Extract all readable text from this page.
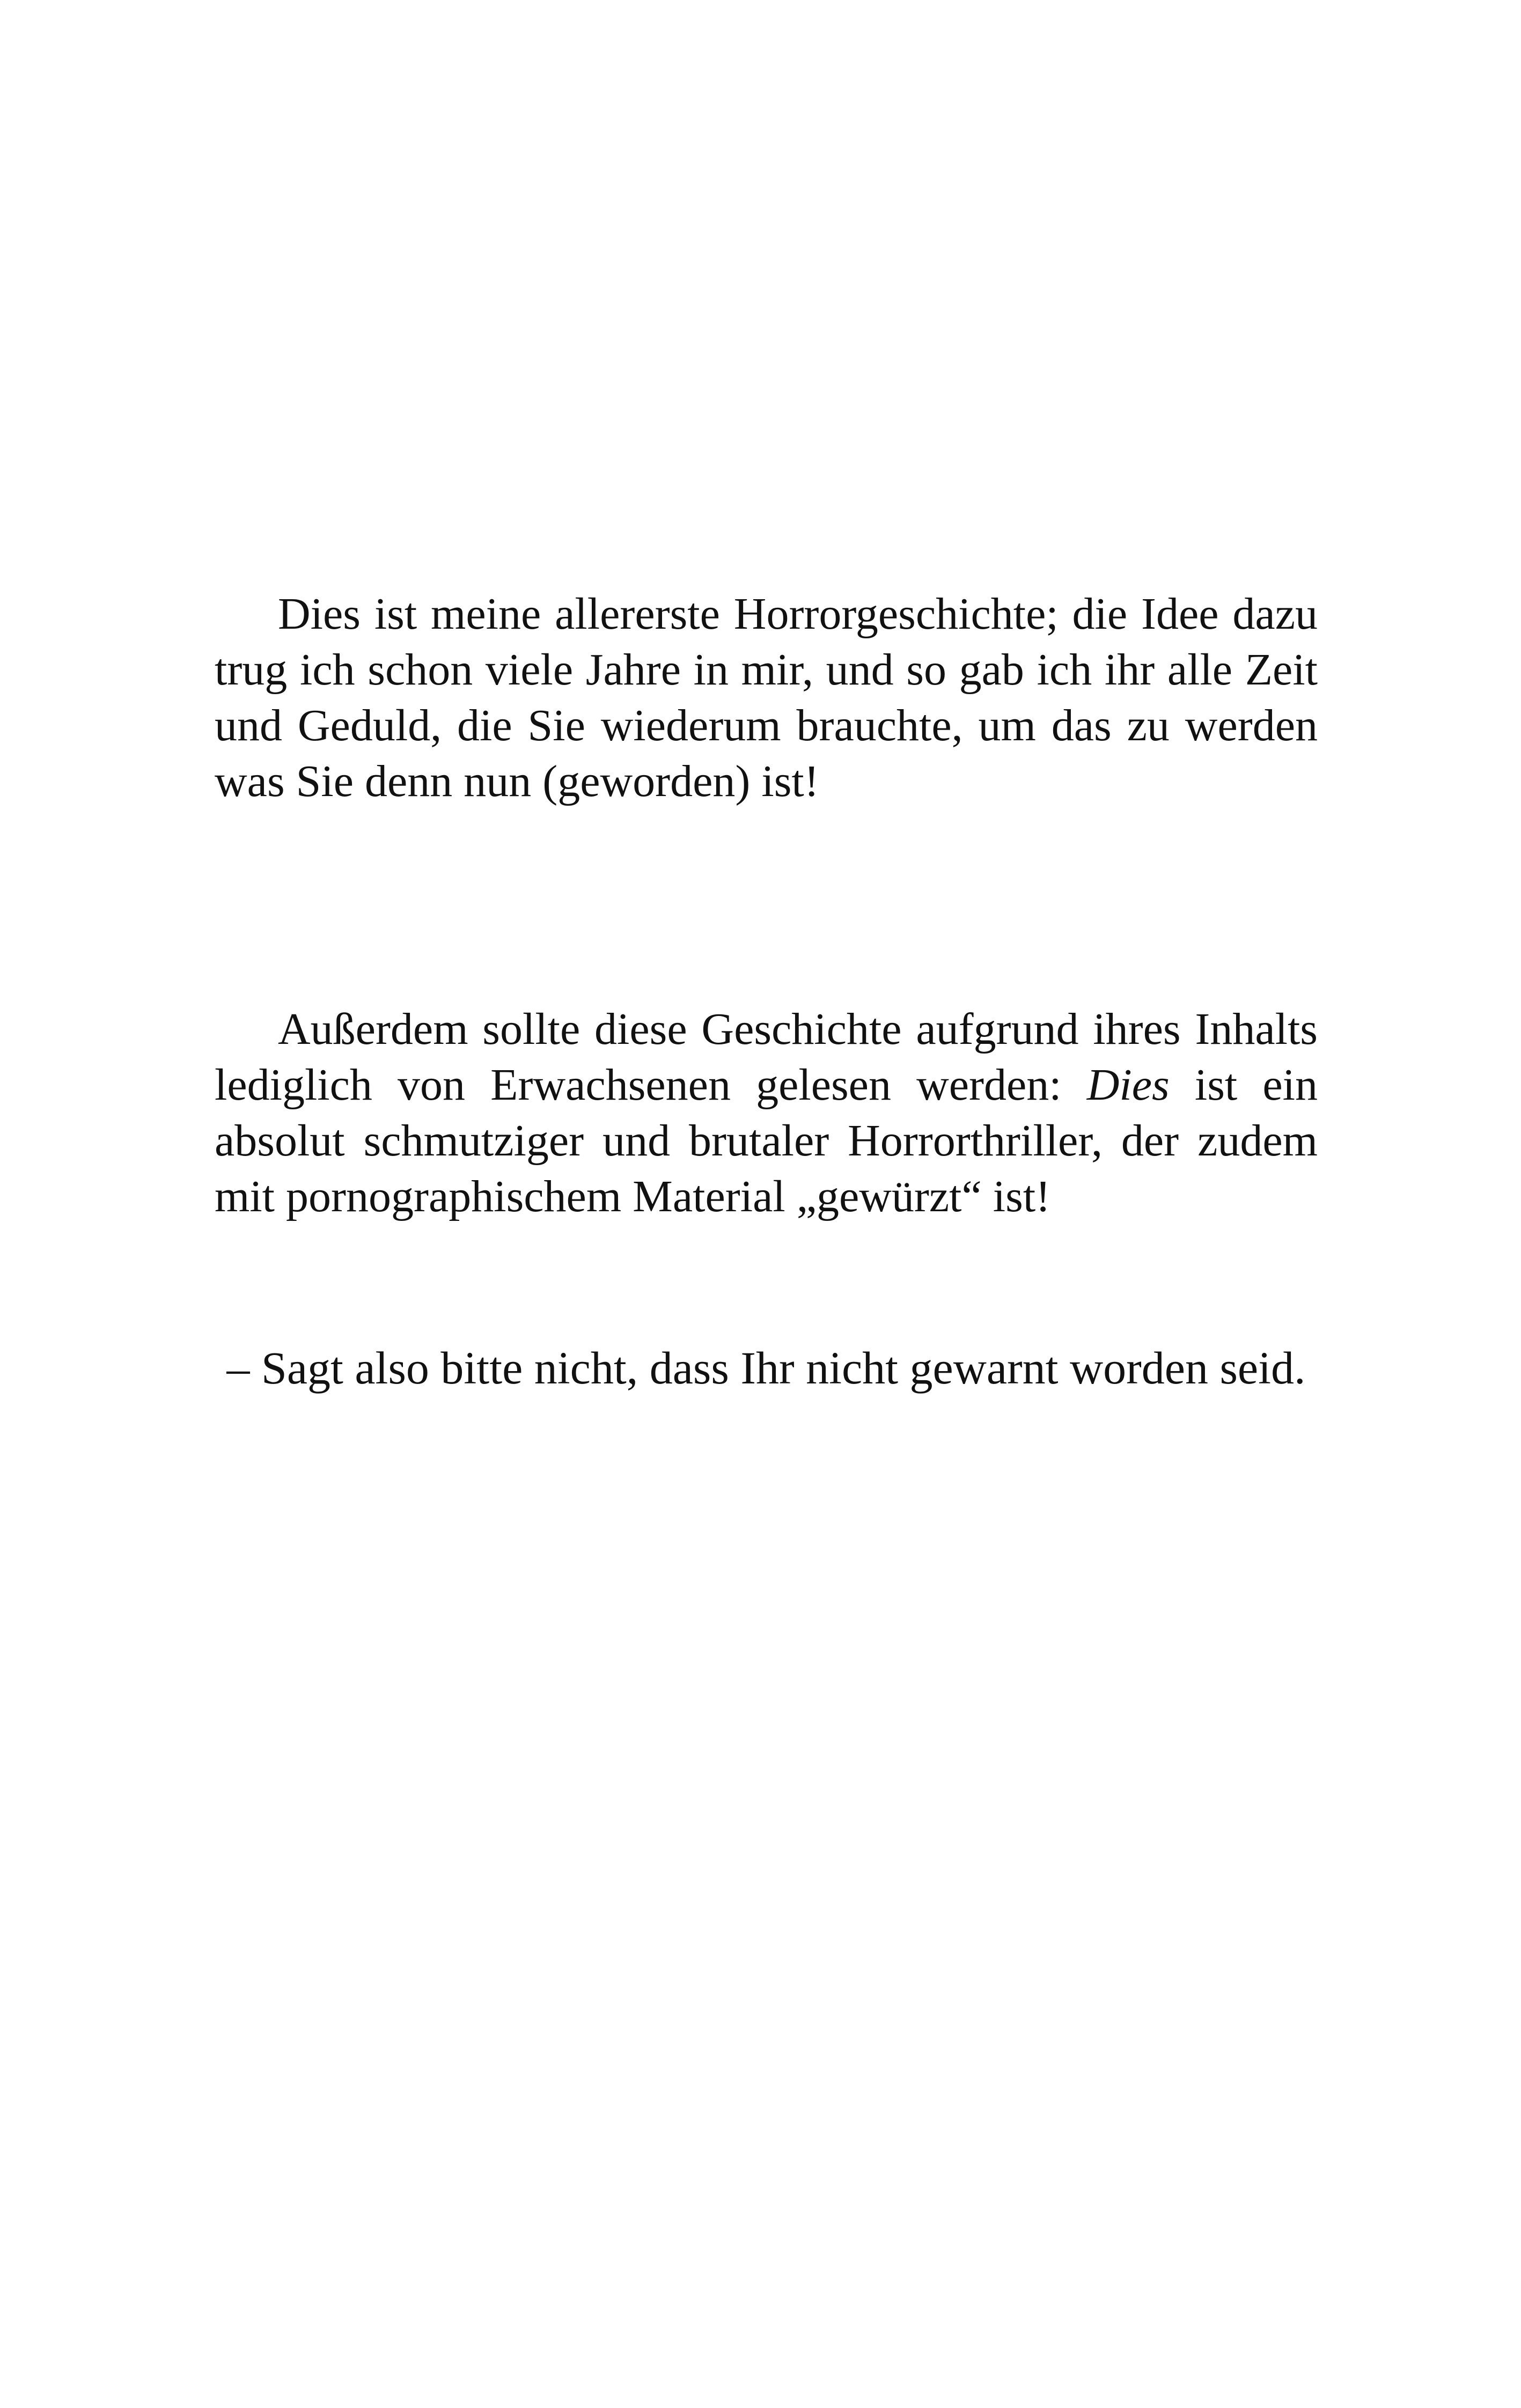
Dies ist meine allererste Horrorgeschichte; die Idee dazu trug ich schon viele Jahre in mir, und so gab ich ihr alle Zeit und Geduld, die Sie wiederum brauchte, um das zu werden was Sie denn nun (geworden) ist!

Außerdem sollte diese Geschichte aufgrund ihres Inhalts lediglich von Erwachsenen gelesen werden: Dies ist ein absolut schmutziger und brutaler Horrorthriller, der zudem mit pornographischem Material „gewürzt“ ist!

– Sagt also bitte nicht, dass Ihr nicht gewarnt worden seid.
